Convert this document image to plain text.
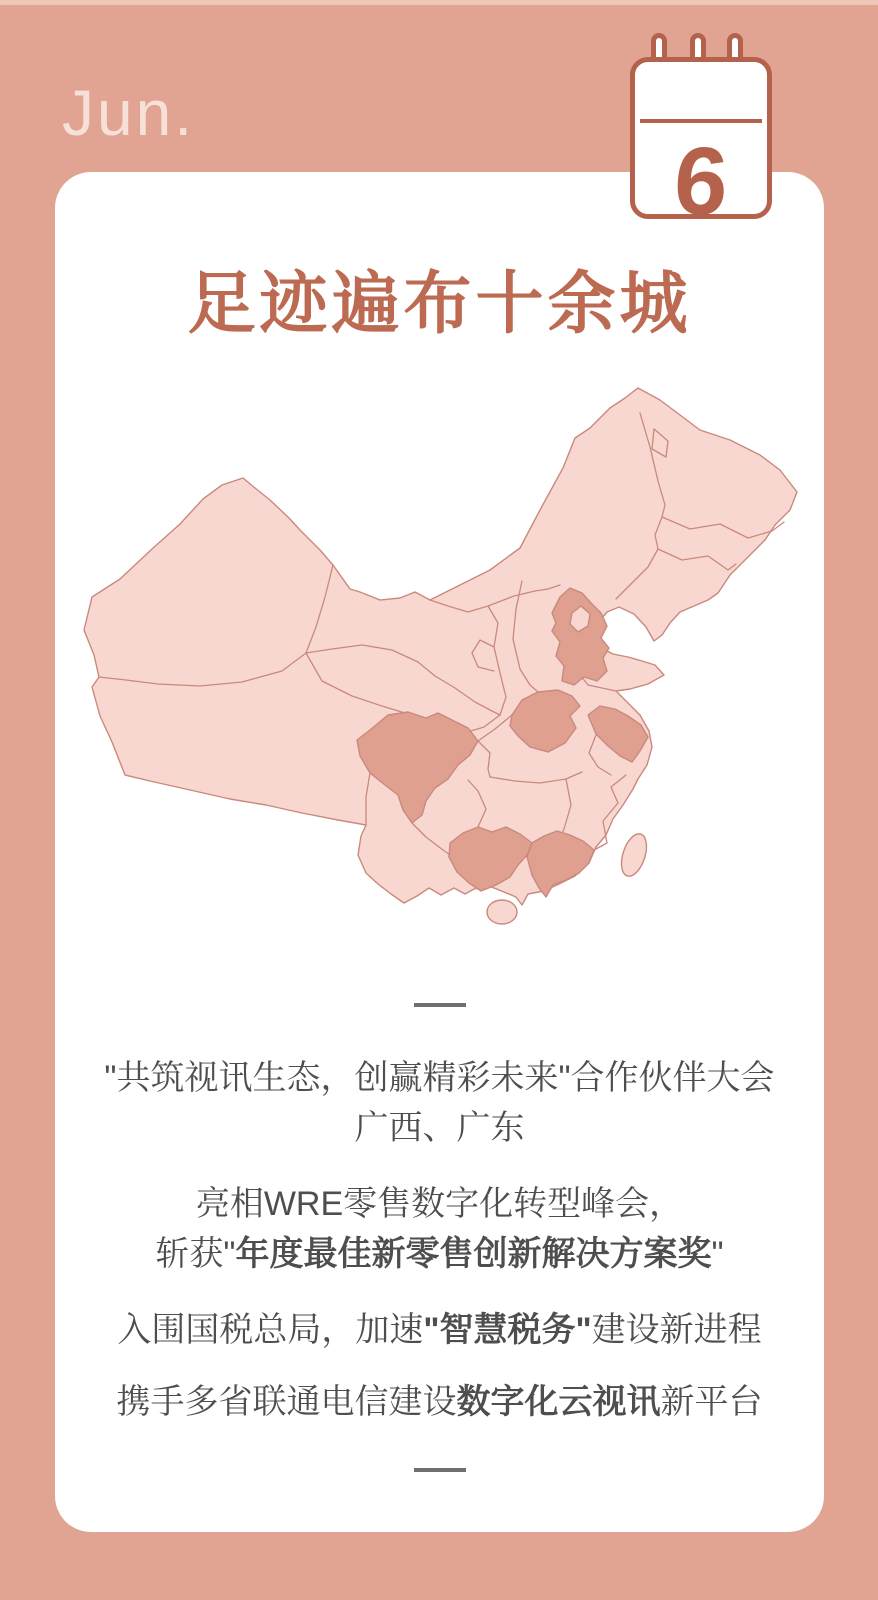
Jun.
足迹遍布十余城
"共筑视讯生态，创赢精彩未来"合作伙伴大会
广西、广东
亮相WRE零售数字化转型峰会，
斩获"年度最佳新零售创新解决方案奖"
入围国税总局，加速"智慧税务"建设新进程
携手多省联通电信建设数字化云视讯新平台
6
